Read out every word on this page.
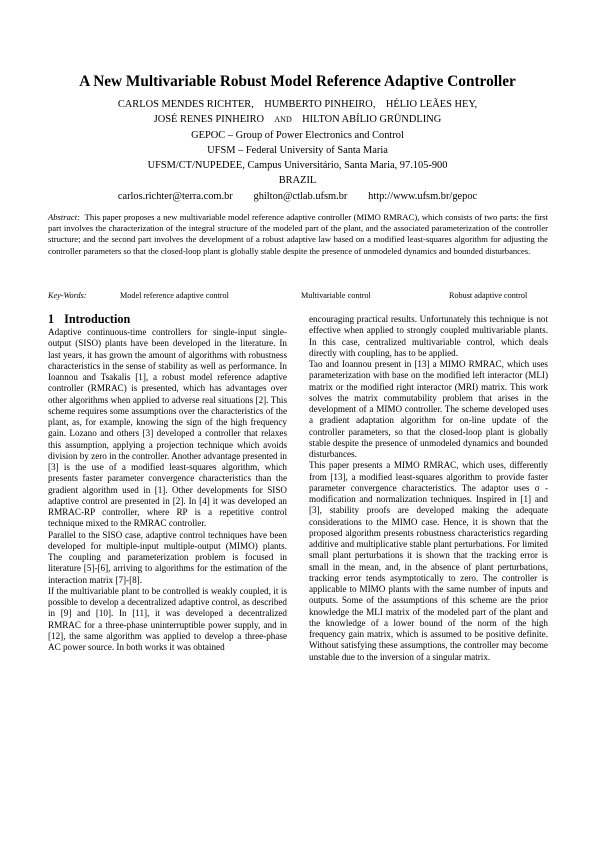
A New Multivariable Robust Model Reference Adaptive Controller
CARLOS MENDES RICHTER, HUMBERTO PINHEIRO, HÉLIO LEÃES HEY,
JOSÉ RENES PINHEIRO AND HILTON ABÍLIO GRÜNDLING
GEPOC – Group of Power Electronics and Control
UFSM – Federal University of Santa Maria
UFSM/CT/NUPEDEE, Campus Universitário, Santa Maria, 97.105-900
BRAZIL
carlos.richter@terra.com.br ghilton@ctlab.ufsm.br http://www.ufsm.br/gepoc
Abstract: This paper proposes a new multivariable model reference adaptive controller (MIMO RMRAC), which consists of two parts: the first part involves the characterization of the integral structure of the modeled part of the plant, and the associated parameterization of the controller structure; and the second part involves the development of a robust adaptive law based on a modified least-squares algorithm for adjusting the controller parameters so that the closed-loop plant is globally stable despite the presence of unmodeled dynamics and bounded disturbances.
Key-Words:	Model reference adaptive control	Multivariable control	Robust adaptive control
1 Introduction

Adaptive continuous-time controllers for single-input single-output (SISO) plants have been developed in the literature. In last years, it has grown the amount of algorithms with robustness characteristics in the sense of stability as well as performance. In Ioannou and Tsakalis [1], a robust model reference adaptive controller (RMRAC) is presented, which has advantages over other algorithms when applied to adverse real situations [2]. This scheme requires some assumptions over the characteristics of the plant, as, for example, knowing the sign of the high frequency gain. Lozano and others [3] developed a controller that relaxes this assumption, applying a projection technique which avoids division by zero in the controller. Another advantage presented in [3] is the use of a modified least-squares algorithm, which presents faster parameter convergence characteristics than the gradient algorithm used in [1]. Other developments for SISO adaptive control are presented in [2]. In [4] it was developed an RMRAC-RP controller, where RP is a repetitive control technique mixed to the RMRAC controller.

Parallel to the SISO case, adaptive control techniques have been developed for multiple-input multiple-output (MIMO) plants. The coupling and parameterization problem is focused in literature [5]-[6], arriving to algorithms for the estimation of the interaction matrix [7]-[8].

If the multivariable plant to be controlled is weakly coupled, it is possible to develop a decentralized adaptive control, as described in [9] and [10]. In [11], it was developed a decentralized RMRAC for a three-phase uninterruptible power supply, and in [12], the same algorithm was applied to develop a three-phase AC power source. In both works it was obtained

encouraging practical results. Unfortunately this technique is not effective when applied to strongly coupled multivariable plants. In this case, centralized multivariable control, which deals directly with coupling, has to be applied.

Tao and Ioannou present in [13] a MIMO RMRAC, which uses parameterization with base on the modified left interactor (MLI) matrix or the modified right interactor (MRI) matrix. This work solves the matrix commutability problem that arises in the development of a MIMO controller. The scheme developed uses a gradient adaptation algorithm for on-line update of the controller parameters, so that the closed-loop plant is globally stable despite the presence of unmodeled dynamics and bounded disturbances.

This paper presents a MIMO RMRAC, which uses, differently from [13], a modified least-squares algorithm to provide faster parameter convergence characteristics. The adaptor uses σ -modification and normalization techniques. Inspired in [1] and [3], stability proofs are developed making the adequate considerations to the MIMO case. Hence, it is shown that the proposed algorithm presents robustness characteristics regarding additive and multiplicative stable plant perturbations. For limited small plant perturbations it is shown that the tracking error is small in the mean, and, in the absence of plant perturbations, tracking error tends asymptotically to zero. The controller is applicable to MIMO plants with the same number of inputs and outputs. Some of the assumptions of this scheme are the prior knowledge the MLI matrix of the modeled part of the plant and the knowledge of a lower bound of the norm of the high frequency gain matrix, which is assumed to be positive definite. Without satisfying these assumptions, the controller may become unstable due to the inversion of a singular matrix.
